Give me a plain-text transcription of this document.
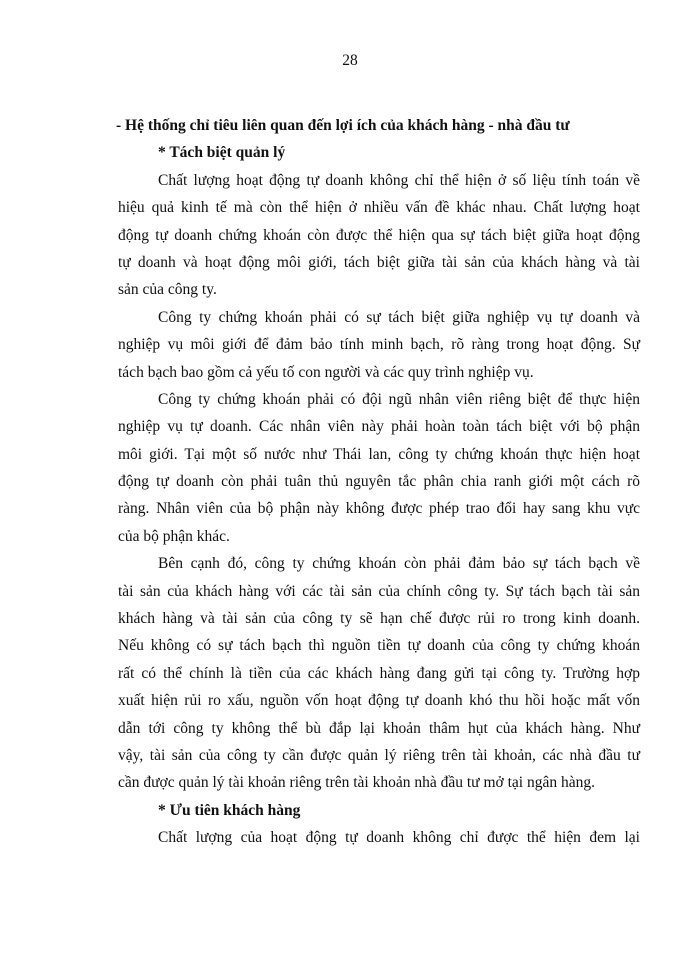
28
- Hệ thống chỉ tiêu liên quan đến lợi ích của khách hàng - nhà đầu tư
* Tách biệt quản lý
Chất lượng hoạt động tự doanh không chỉ thể hiện ở số liệu tính toán về
hiệu quả kinh tế mà còn thể hiện ở nhiều vấn đề khác nhau. Chất lượng hoạt
động tự doanh chứng khoán còn được thể hiện qua sự tách biệt giữa hoạt động
tự doanh và hoạt động môi giới, tách biệt giữa tài sản của khách hàng và tài
sản của công ty.
Công ty chứng khoán phải có sự tách biệt giữa nghiệp vụ tự doanh và
nghiệp vụ môi giới để đảm bảo tính minh bạch, rõ ràng trong hoạt động. Sự
tách bạch bao gồm cả yếu tố con người và các quy trình nghiệp vụ.
Công ty chứng khoán phải có đội ngũ nhân viên riêng biệt để thực hiện
nghiệp vụ tự doanh. Các nhân viên này phải hoàn toàn tách biệt với bộ phận
môi giới. Tại một số nước như Thái lan, công ty chứng khoán thực hiện hoạt
động tự doanh còn phải tuân thủ nguyên tắc phân chia ranh giới một cách rõ
ràng. Nhân viên của bộ phận này không được phép trao đổi hay sang khu vực
của bộ phận khác.
Bên cạnh đó, công ty chứng khoán còn phải đảm bảo sự tách bạch về
tài sản của khách hàng với các tài sản của chính công ty. Sự tách bạch tài sản
khách hàng và tài sản của công ty sẽ hạn chế được rủi ro trong kinh doanh.
Nếu không có sự tách bạch thì nguồn tiền tự doanh của công ty chứng khoán
rất có thể chính là tiền của các khách hàng đang gửi tại công ty. Trường hợp
xuất hiện rủi ro xấu, nguồn vốn hoạt động tự doanh khó thu hồi hoặc mất vốn
dẫn tới công ty không thể bù đắp lại khoản thâm hụt của khách hàng. Như
vậy, tài sản của công ty cần được quản lý riêng trên tài khoản, các nhà đầu tư
cần được quản lý tài khoản riêng trên tài khoản nhà đầu tư mở tại ngân hàng.
* Ưu tiên khách hàng
Chất lượng của hoạt động tự doanh không chỉ được thể hiện đem lại
